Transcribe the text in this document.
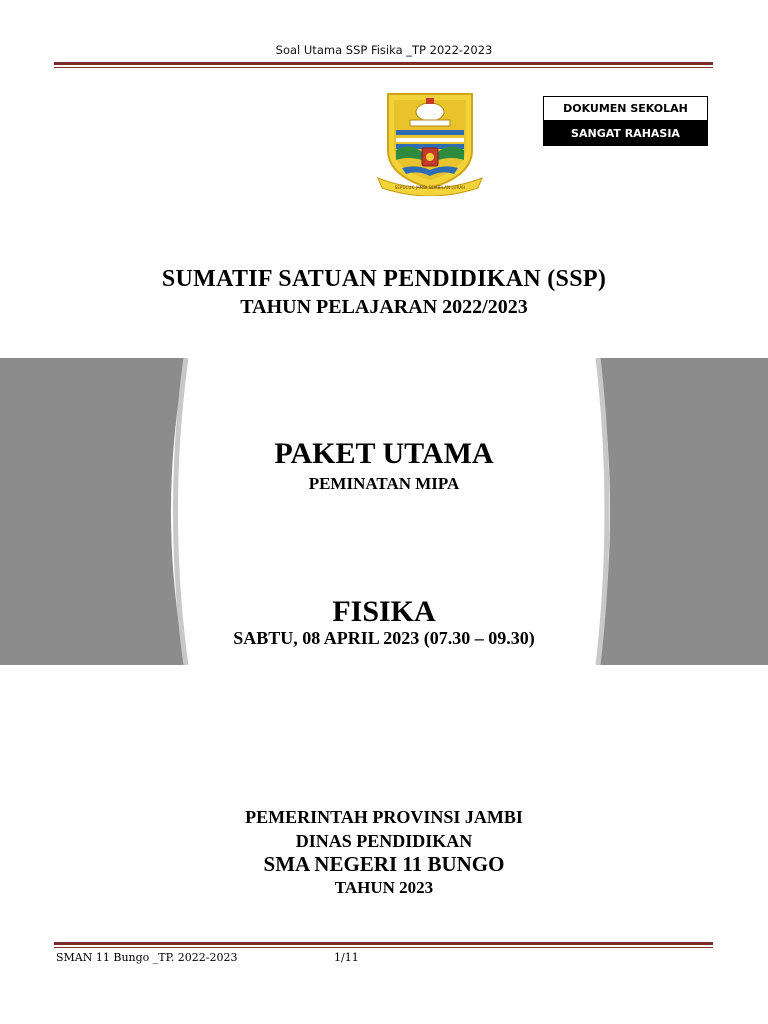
Soal Utama SSP Fisika _TP 2022-2023
SEPUCUK JAMBI SEMBILAN LURAH
DOKUMEN SEKOLAH
SANGAT RAHASIA
SUMATIF SATUAN PENDIDIKAN (SSP)
TAHUN PELAJARAN 2022/2023
PAKET UTAMA
PEMINATAN MIPA
FISIKA
SABTU, 08 APRIL 2023 (07.30 – 09.30)
PEMERINTAH PROVINSI JAMBI
DINAS PENDIDIKAN
SMA NEGERI 11 BUNGO
TAHUN 2023
SMAN 11 Bungo _TP. 2022-2023	1/11
